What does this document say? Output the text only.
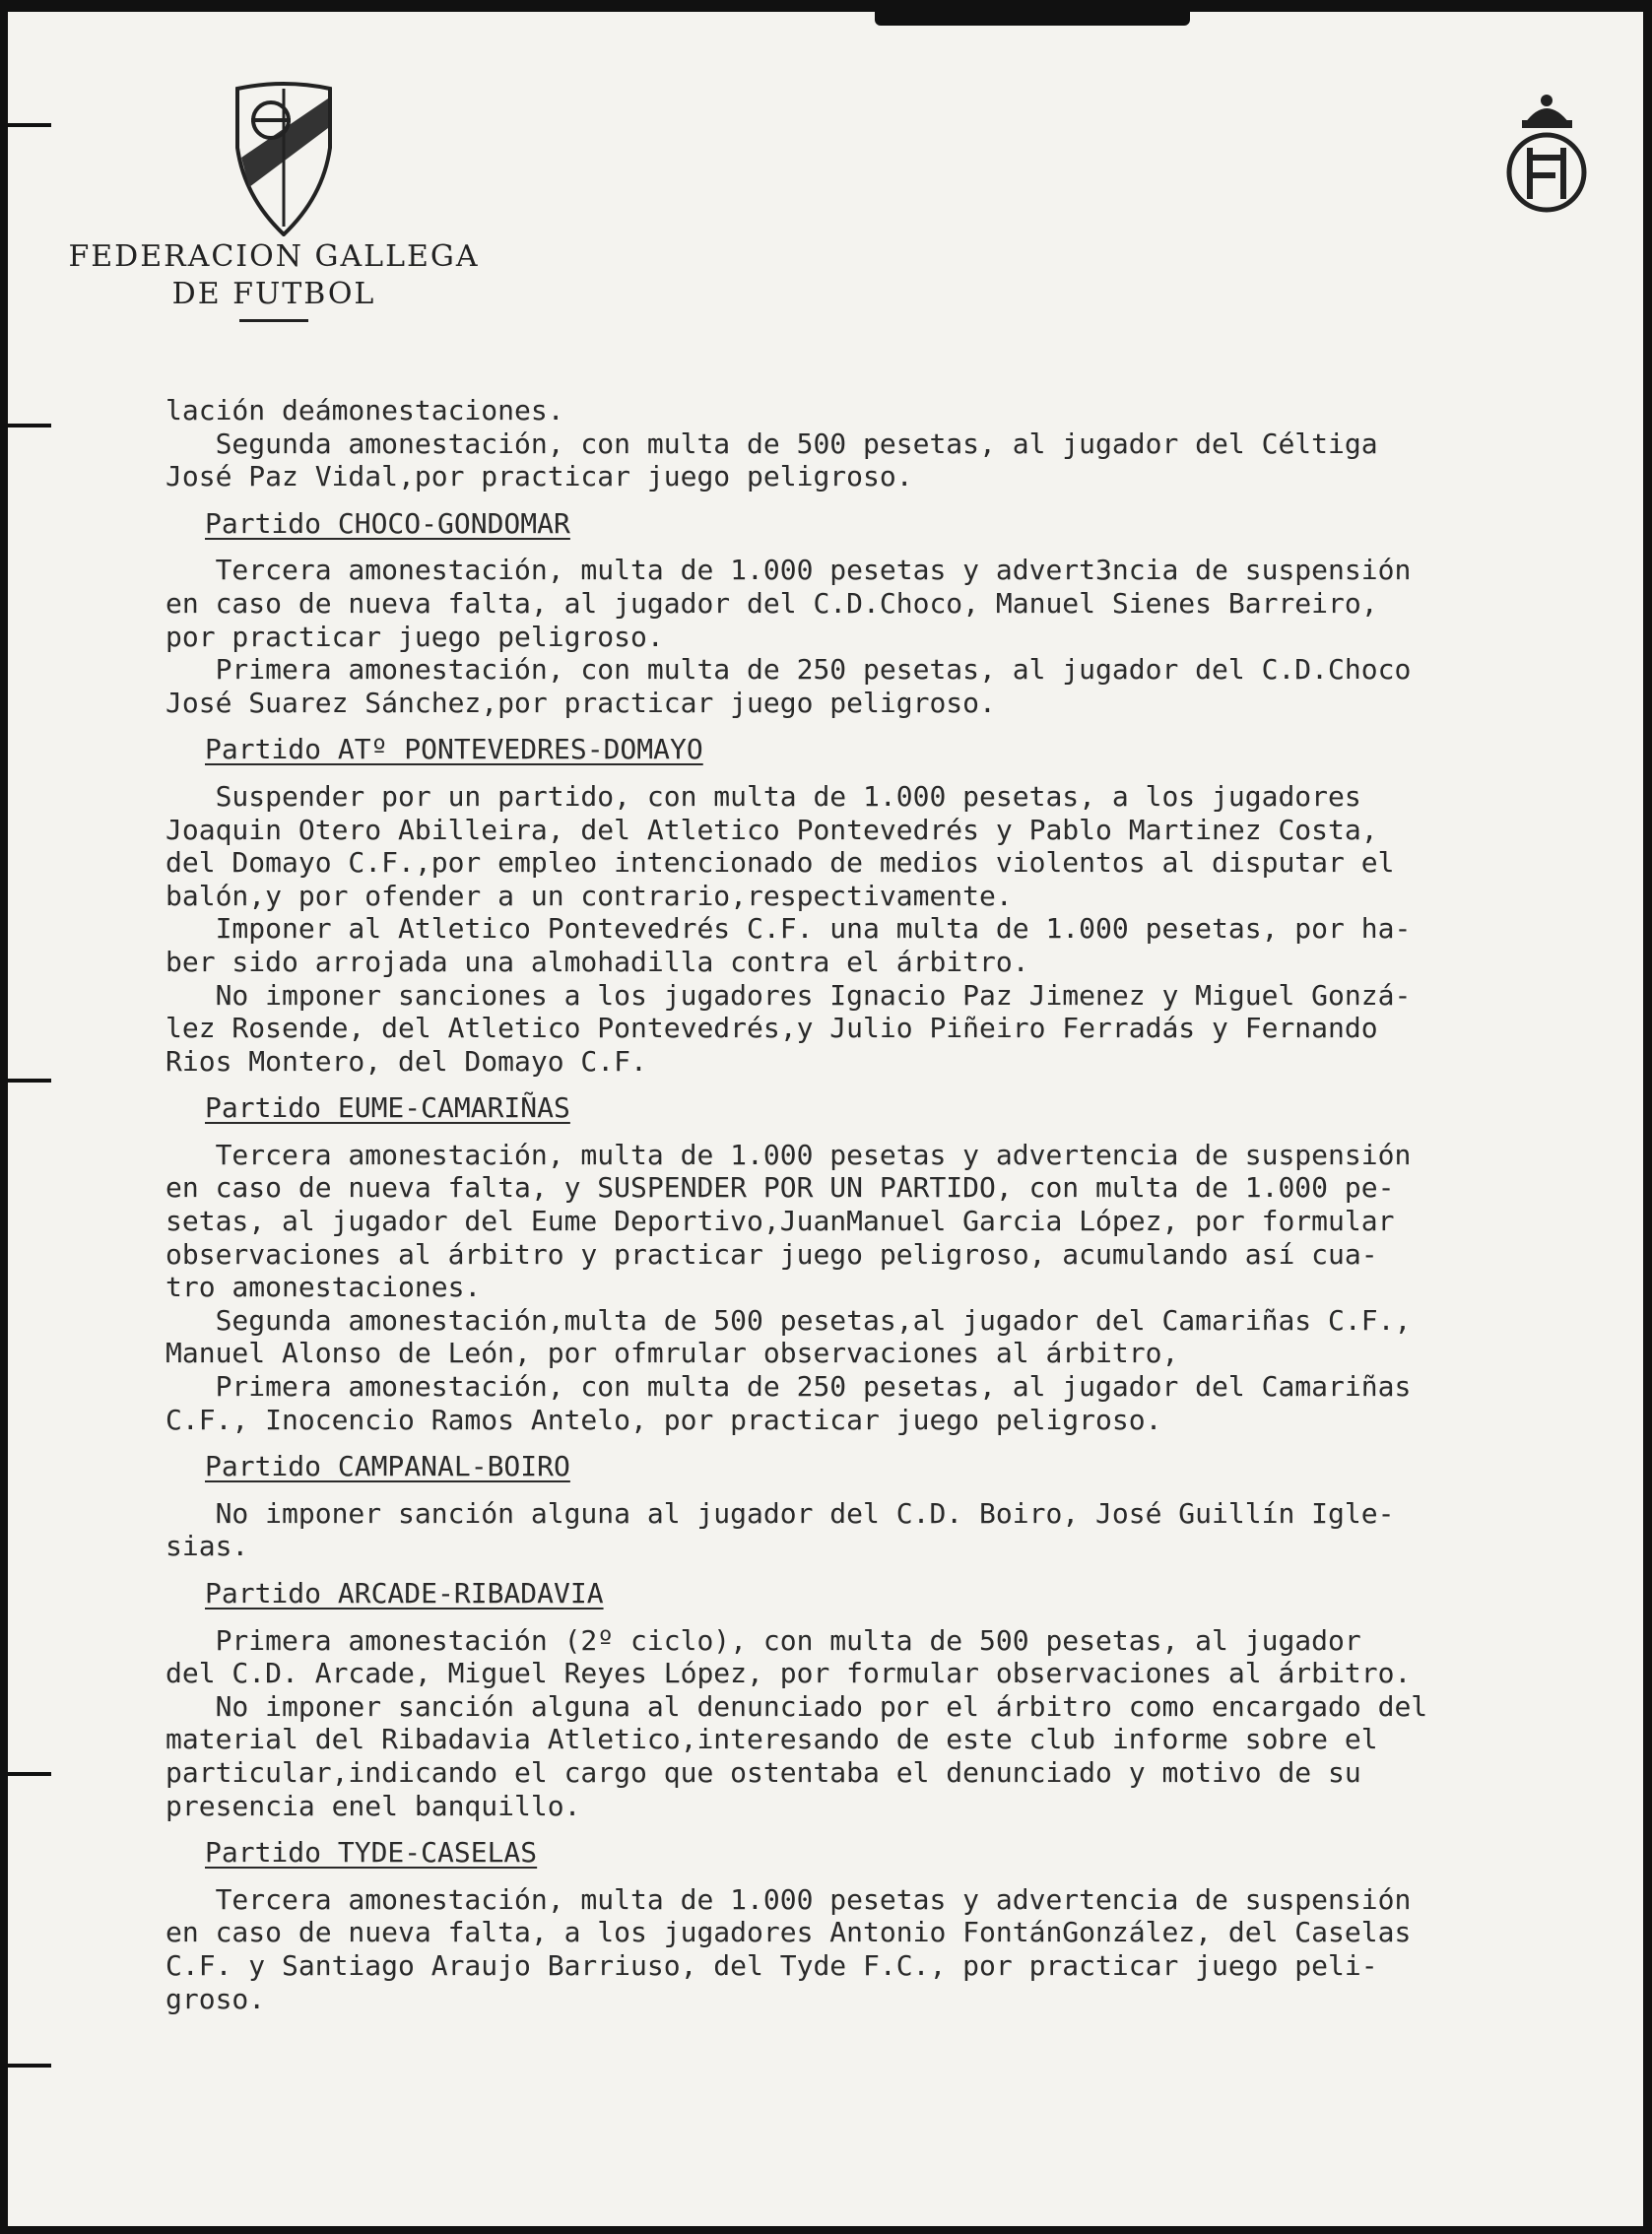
FEDERACION GALLEGA
DE FUTBOL
lación deámonestaciones.
Segunda amonestación, con multa de 500 pesetas, al jugador del Céltiga
José Paz Vidal,por practicar juego peligroso.
Partido CHOCO-GONDOMAR
Tercera amonestación, multa de 1.000 pesetas y advert3ncia de suspensión
en caso de nueva falta, al jugador del C.D.Choco, Manuel Sienes Barreiro,
por practicar juego peligroso.
Primera amonestación, con multa de 250 pesetas, al jugador del C.D.Choco
José Suarez Sánchez,por practicar juego peligroso.
Partido ATº PONTEVEDRES-DOMAYO
Suspender por un partido, con multa de 1.000 pesetas, a los jugadores
Joaquin Otero Abilleira, del Atletico Pontevedrés y Pablo Martinez Costa,
del Domayo C.F.,por empleo intencionado de medios violentos al disputar el
balón,y por ofender a un contrario,respectivamente.
Imponer al Atletico Pontevedrés C.F. una multa de 1.000 pesetas, por ha-
ber sido arrojada una almohadilla contra el árbitro.
No imponer sanciones a los jugadores Ignacio Paz Jimenez y Miguel Gonzá-
lez Rosende, del Atletico Pontevedrés,y Julio Piñeiro Ferradás y Fernando
Rios Montero, del Domayo C.F.
Partido EUME-CAMARIÑAS
Tercera amonestación, multa de 1.000 pesetas y advertencia de suspensión
en caso de nueva falta, y SUSPENDER POR UN PARTIDO, con multa de 1.000 pe-
setas, al jugador del Eume Deportivo,JuanManuel Garcia López, por formular
observaciones al árbitro y practicar juego peligroso, acumulando así cua-
tro amonestaciones.
Segunda amonestación,multa de 500 pesetas,al jugador del Camariñas C.F.,
Manuel Alonso de León, por ofmrular observaciones al árbitro,
Primera amonestación, con multa de 250 pesetas, al jugador del Camariñas
C.F., Inocencio Ramos Antelo, por practicar juego peligroso.
Partido CAMPANAL-BOIRO
No imponer sanción alguna al jugador del C.D. Boiro, José Guillín Igle-
sias.
Partido ARCADE-RIBADAVIA
Primera amonestación (2º ciclo), con multa de 500 pesetas, al jugador
del C.D. Arcade, Miguel Reyes López, por formular observaciones al árbitro.
No imponer sanción alguna al denunciado por el árbitro como encargado del
material del Ribadavia Atletico,interesando de este club informe sobre el
particular,indicando el cargo que ostentaba el denunciado y motivo de su
presencia enel banquillo.
Partido TYDE-CASELAS
Tercera amonestación, multa de 1.000 pesetas y advertencia de suspensión
en caso de nueva falta, a los jugadores Antonio FontánGonzález, del Caselas
C.F. y Santiago Araujo Barriuso, del Tyde F.C., por practicar juego peli-
groso.
